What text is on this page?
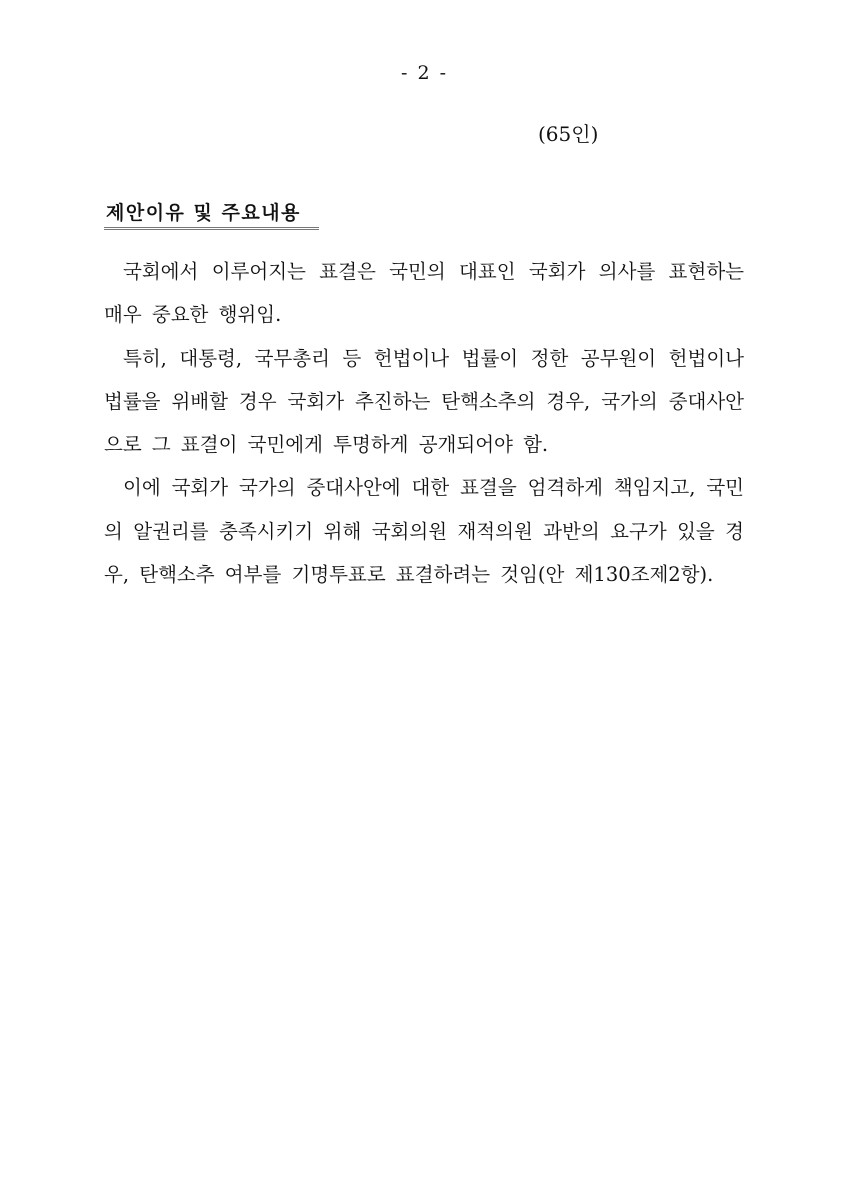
- 2 -
(65인)
제안이유 및 주요내용

국회에서 이루어지는 표결은 국민의 대표인 국회가 의사를 표현하는 매우 중요한 행위임.

특히, 대통령, 국무총리 등 헌법이나 법률이 정한 공무원이 헌법이나 법률을 위배할 경우 국회가 추진하는 탄핵소추의 경우, 국가의 중대사안으로 그 표결이 국민에게 투명하게 공개되어야 함.

이에 국회가 국가의 중대사안에 대한 표결을 엄격하게 책임지고, 국민의 알권리를 충족시키기 위해 국회의원 재적의원 과반의 요구가 있을 경우, 탄핵소추 여부를 기명투표로 표결하려는 것임(안 제130조제2항).
